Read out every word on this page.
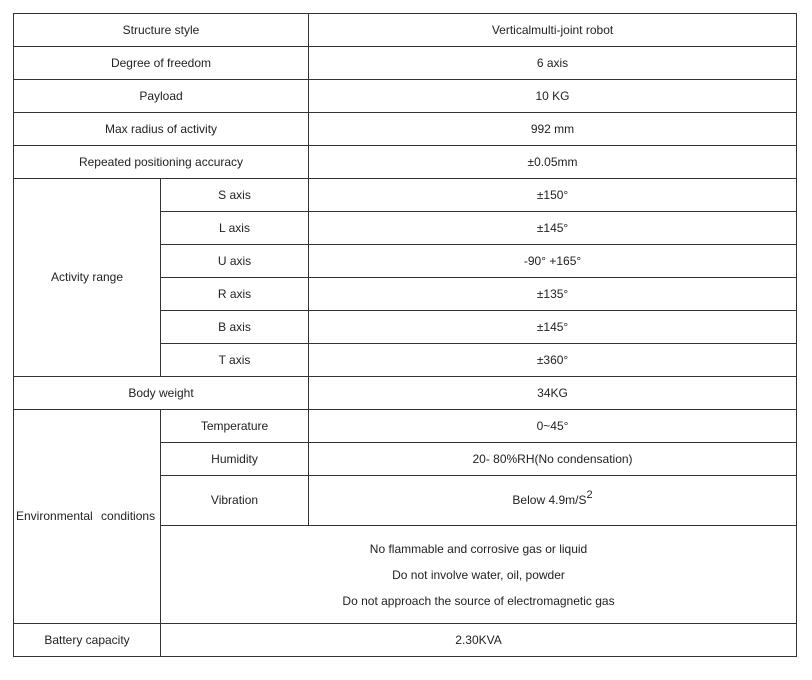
Structure style		Verticalmulti-joint robot
Degree of freedom		6 axis
Payload		10 KG
Max radius of activity		992 mm
Repeated positioning accuracy		±0.05mm
Activity range	S axis	±150°
	L axis	±145°
	U axis	-90° +165°
	R axis	±135°
	B axis	±145°
	T axis	±360°
Body weight		34KG
Environmental conditions	Temperature	0~45°
	Humidity	20- 80%RH(No condensation)
	Vibration	Below $4.9m/S^2$

	No flammable and corrosive gas or liquid
Do not involve water, oil, powder
Do not approach the source of electromagnetic gas	

Battery capacity	2.30KVA	
